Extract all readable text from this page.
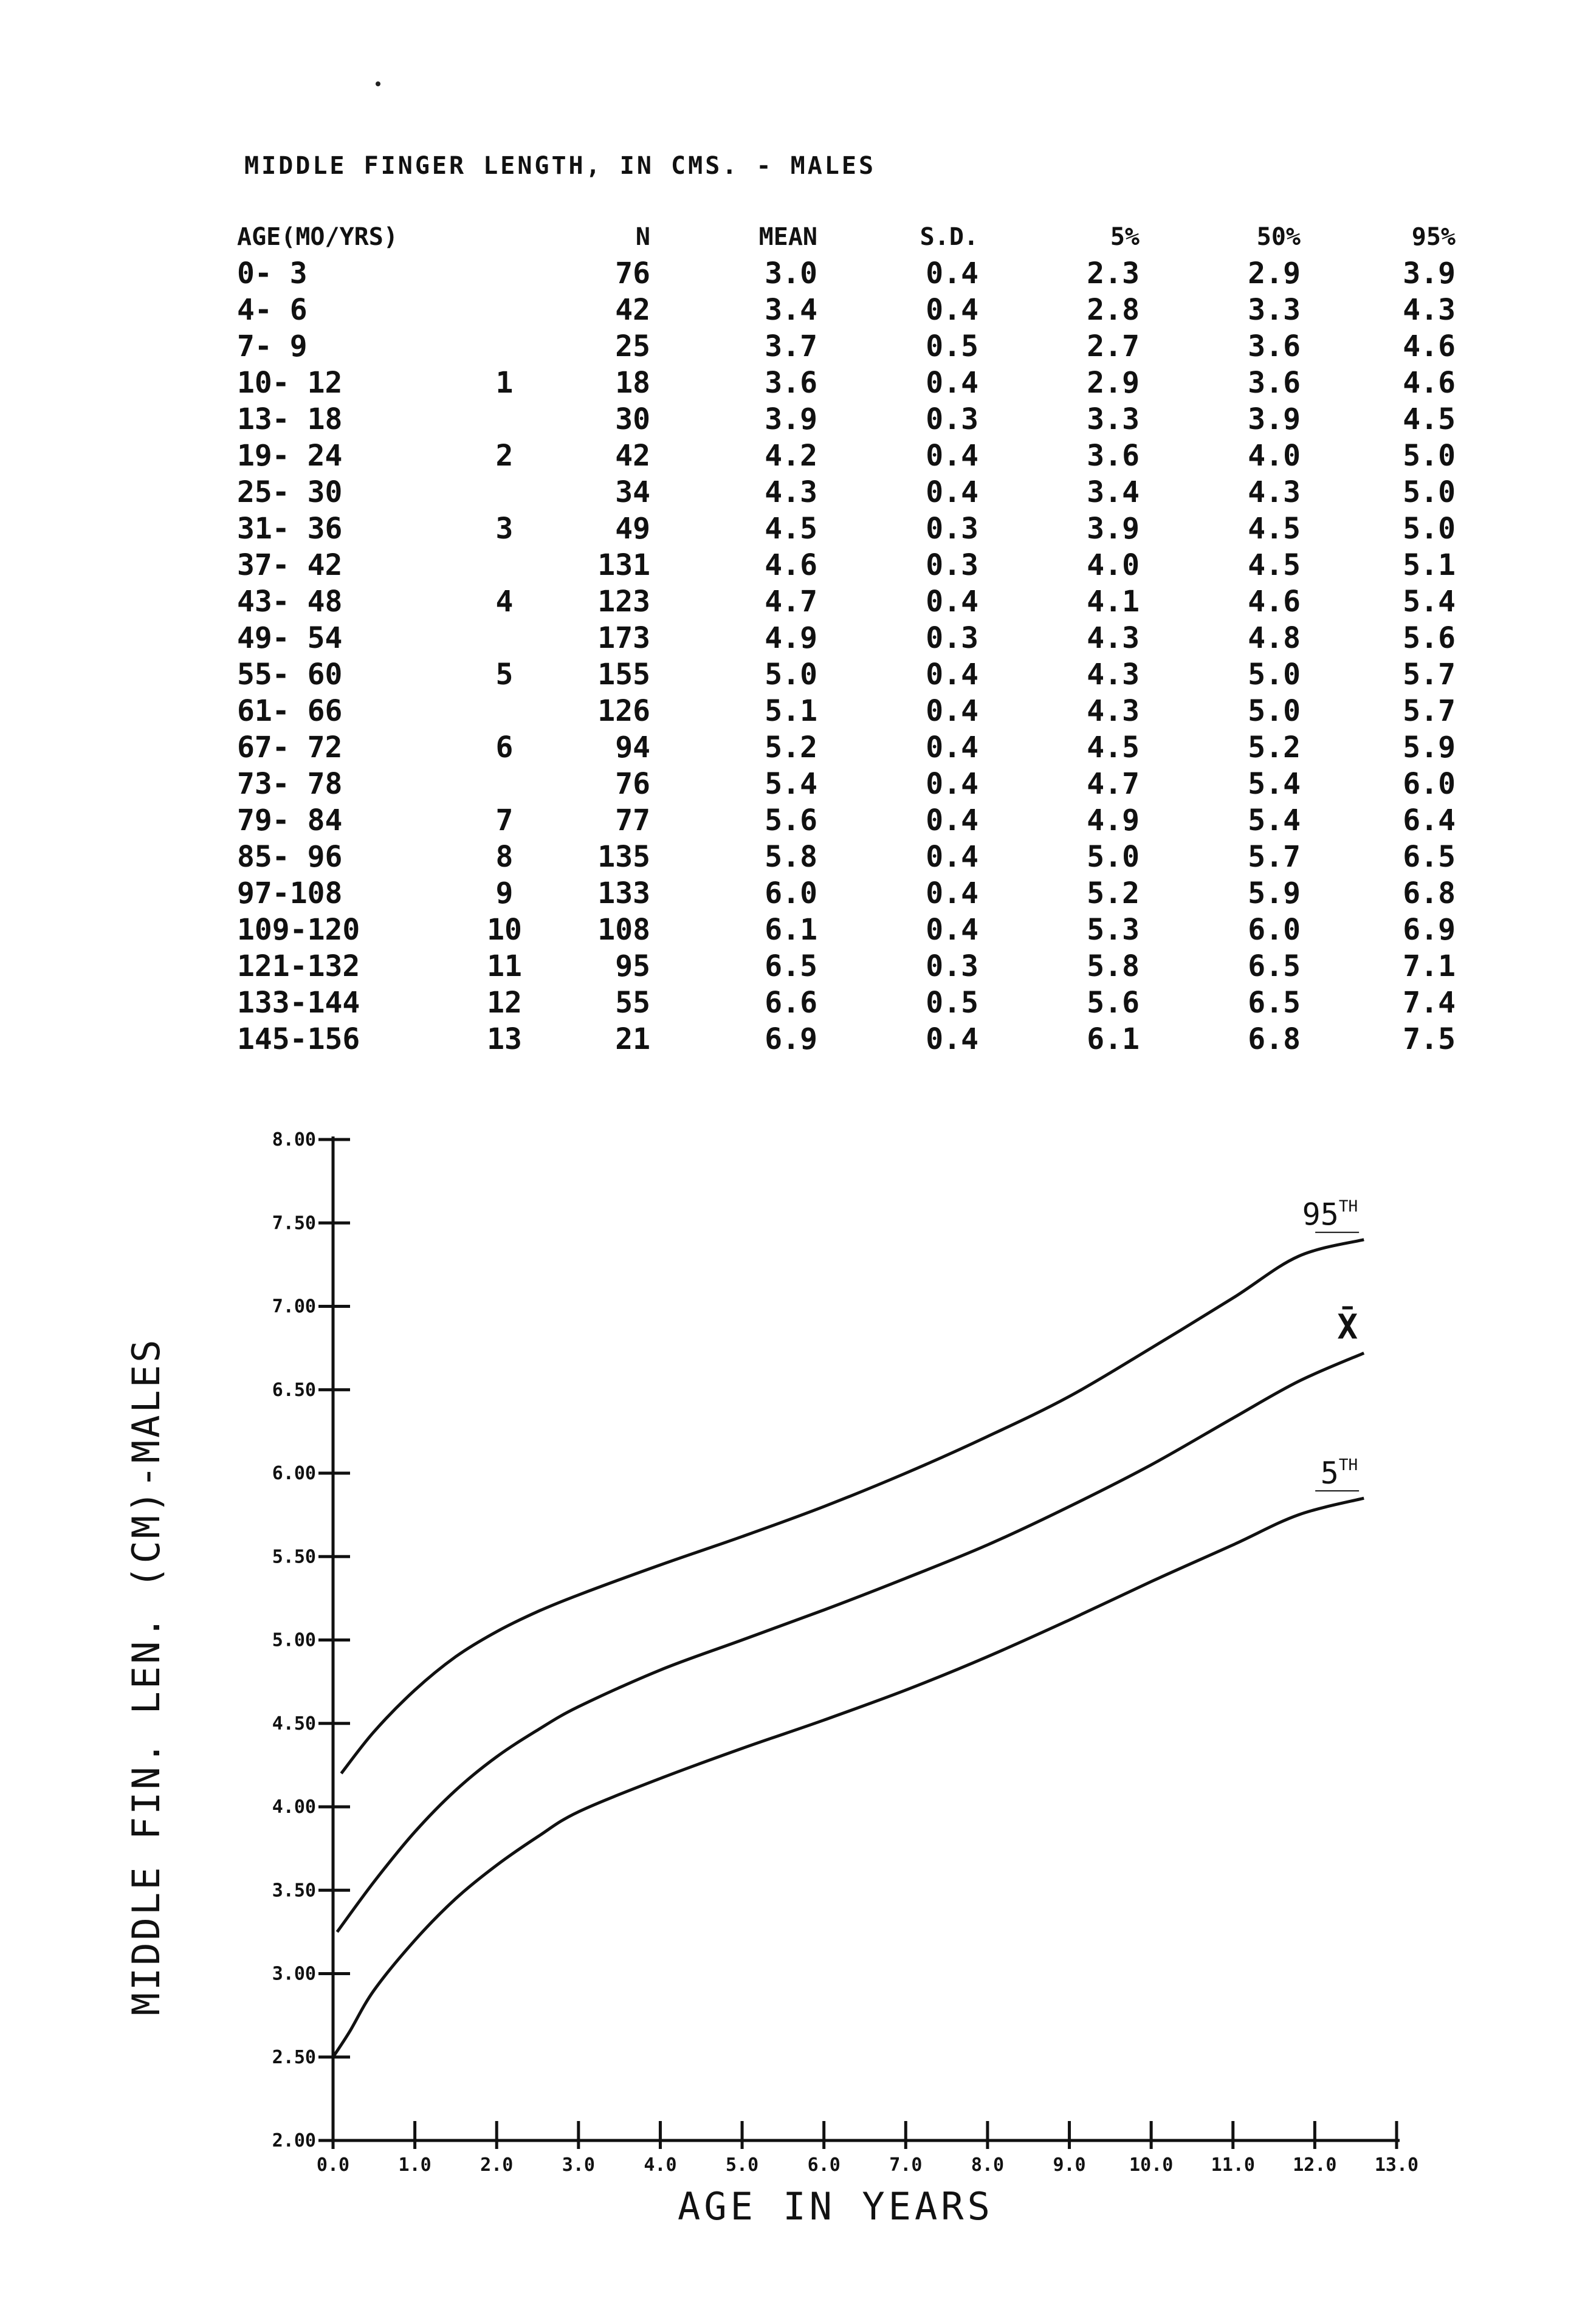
MIDDLE FINGER LENGTH, IN CMS. - MALES
AGE(MO/YRS)		N	MEAN	S.D.	5%	50%	95%
0- 3		76	3.0	0.4	2.3	2.9	3.9
4- 6		42	3.4	0.4	2.8	3.3	4.3
7- 9		25	3.7	0.5	2.7	3.6	4.6
10- 12	1	18	3.6	0.4	2.9	3.6	4.6
13- 18		30	3.9	0.3	3.3	3.9	4.5
19- 24	2	42	4.2	0.4	3.6	4.0	5.0
25- 30		34	4.3	0.4	3.4	4.3	5.0
31- 36	3	49	4.5	0.3	3.9	4.5	5.0
37- 42		131	4.6	0.3	4.0	4.5	5.1
43- 48	4	123	4.7	0.4	4.1	4.6	5.4
49- 54		173	4.9	0.3	4.3	4.8	5.6
55- 60	5	155	5.0	0.4	4.3	5.0	5.7
61- 66		126	5.1	0.4	4.3	5.0	5.7
67- 72	6	94	5.2	0.4	4.5	5.2	5.9
73- 78		76	5.4	0.4	4.7	5.4	6.0
79- 84	7	77	5.6	0.4	4.9	5.4	6.4
85- 96	8	135	5.8	0.4	5.0	5.7	6.5
97-108	9	133	6.0	0.4	5.2	5.9	6.8
109-120	10	108	6.1	0.4	5.3	6.0	6.9
121-132	11	95	6.5	0.3	5.8	6.5	7.1
133-144	12	55	6.6	0.5	5.6	6.5	7.4
145-156	13	21	6.9	0.4	6.1	6.8	7.5
2.00
2.50
3.00
3.50
4.00
4.50
5.00
5.50
6.00
6.50
7.00
7.50
8.00
0.0	1.0	2.0	3.0	4.0	5.0	6.0	7.0	8.0	9.0 10.0 11.0 12.0 13.0
AGE IN YEARS
MIDDLE FIN. LEN. (CM)-MALES
95TH
X̄
5TH
